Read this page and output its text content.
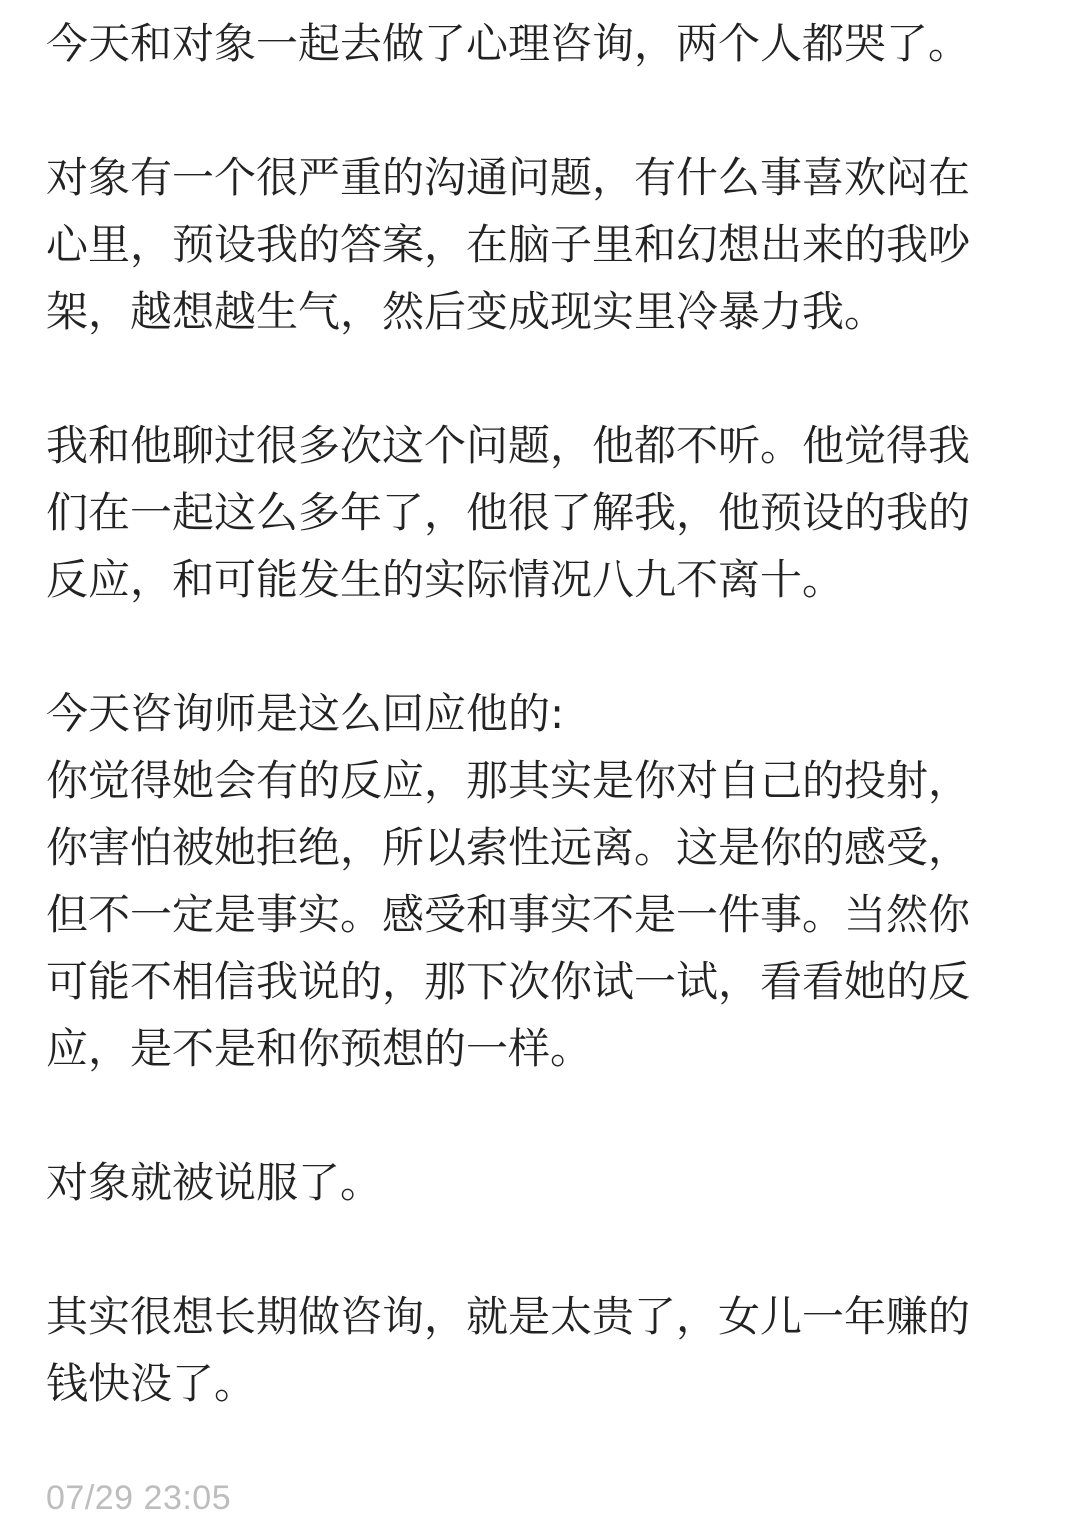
今天和对象一起去做了心理咨询，两个人都哭了。

对象有一个很严重的沟通问题，有什么事喜欢闷在
心里，预设我的答案，在脑子里和幻想出来的我吵
架，越想越生气，然后变成现实里冷暴力我。

我和他聊过很多次这个问题，他都不听。他觉得我
们在一起这么多年了，他很了解我，他预设的我的
反应，和可能发生的实际情况八九不离十。

今天咨询师是这么回应他的:
你觉得她会有的反应，那其实是你对自己的投射，
你害怕被她拒绝，所以索性远离。这是你的感受，
但不一定是事实。感受和事实不是一件事。当然你
可能不相信我说的，那下次你试一试，看看她的反
应，是不是和你预想的一样。

对象就被说服了。

其实很想长期做咨询，就是太贵了，女儿一年赚的
钱快没了。

07/29 23:05
